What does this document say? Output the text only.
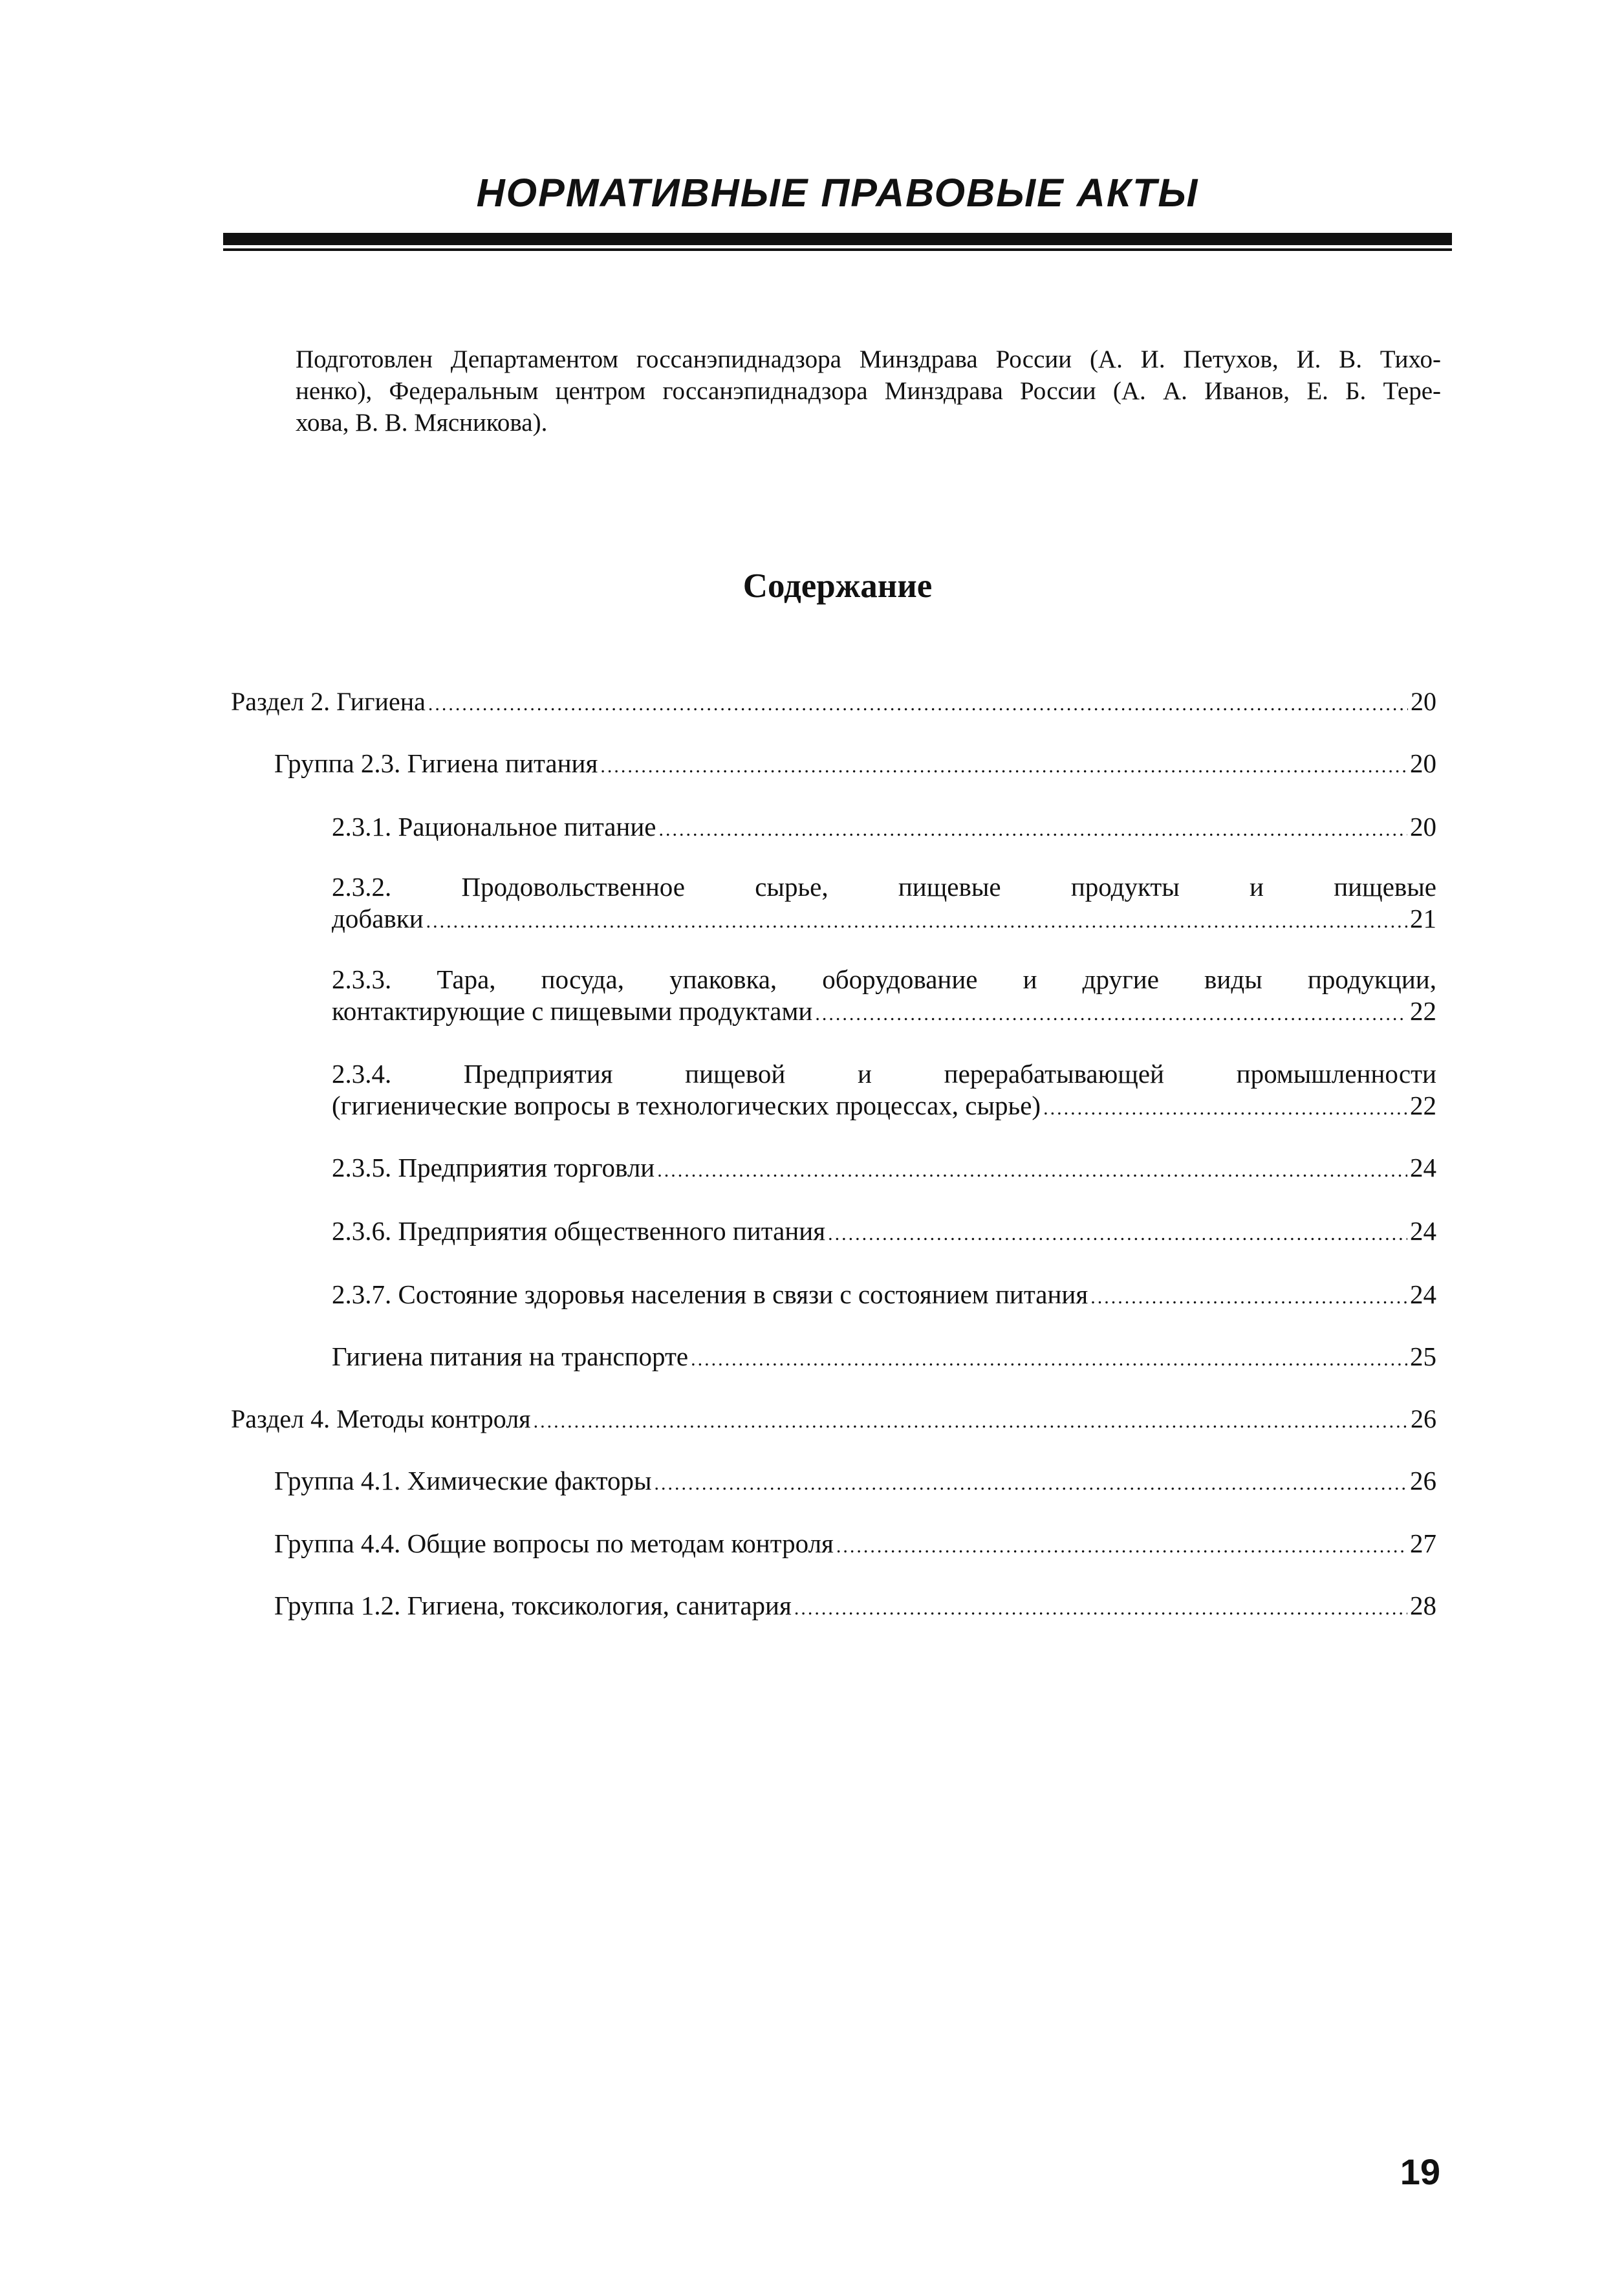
НОРМАТИВНЫЕ ПРАВОВЫЕ АКТЫ
Подготовлен Департаментом госсанэпиднадзора Минздрава России (А. И. Петухов, И. В. Тихо-
ненко), Федеральным центром госсанэпиднадзора Минздрава России (А. А. Иванов, Е. Б. Тере-
хова, В. В. Мясникова).
Содержание
Раздел 2. Гигиена .....	20
Группа 2.3. Гигиена питания .....	20
2.3.1. Рациональное питание .....	20
2.3.2. Продовольственное сырье, пищевые продукты и пищевые
добавки .....	21
2.3.3. Тара, посуда, упаковка, оборудование и другие виды продукции,
контактирующие с пищевыми продуктами .....	22
2.3.4. Предприятия пищевой и перерабатывающей промышленности
(гигиенические вопросы в технологических процессах, сырье) .....	22
2.3.5. Предприятия торговли .....	24
2.3.6. Предприятия общественного питания .....	24
2.3.7. Состояние здоровья населения в связи с состоянием питания .....	24
Гигиена питания на транспорте .....	25
Раздел 4. Методы контроля .....	26
Группа 4.1. Химические факторы .....	26
Группа 4.4. Общие вопросы по методам контроля .....	27
Группа 1.2. Гигиена, токсикология, санитария .....	28
19
